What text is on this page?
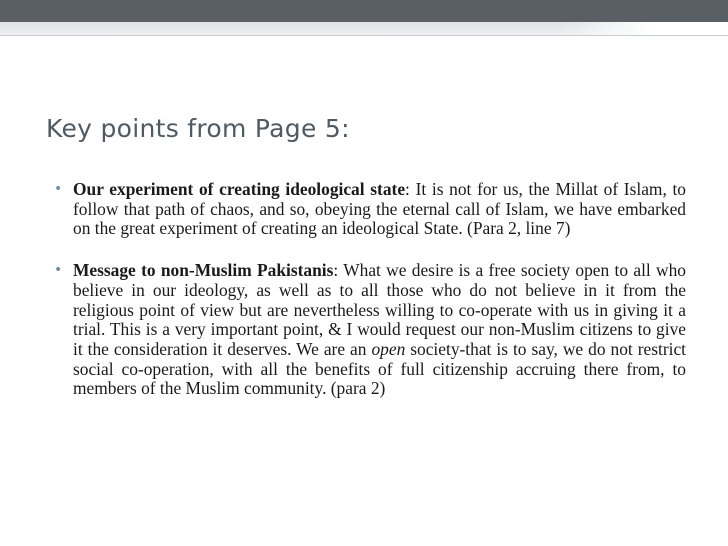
Key points from Page 5:
• Our experiment of creating ideological state: It is not for us, the Millat of Islam, to follow that path of chaos, and so, obeying the eternal call of Islam, we have embarked on the great experiment of creating an ideological State. (Para 2, line 7)
• Message to non-Muslim Pakistanis: What we desire is a free society open to all who believe in our ideology, as well as to all those who do not believe in it from the religious point of view but are nevertheless willing to co-operate with us in giving it a trial. This is a very important point, & I would request our non-Muslim citizens to give it the consideration it deserves. We are an open society-that is to say, we do not restrict social co-operation, with all the benefits of full citizenship accruing there from, to members of the Muslim community. (para 2)
